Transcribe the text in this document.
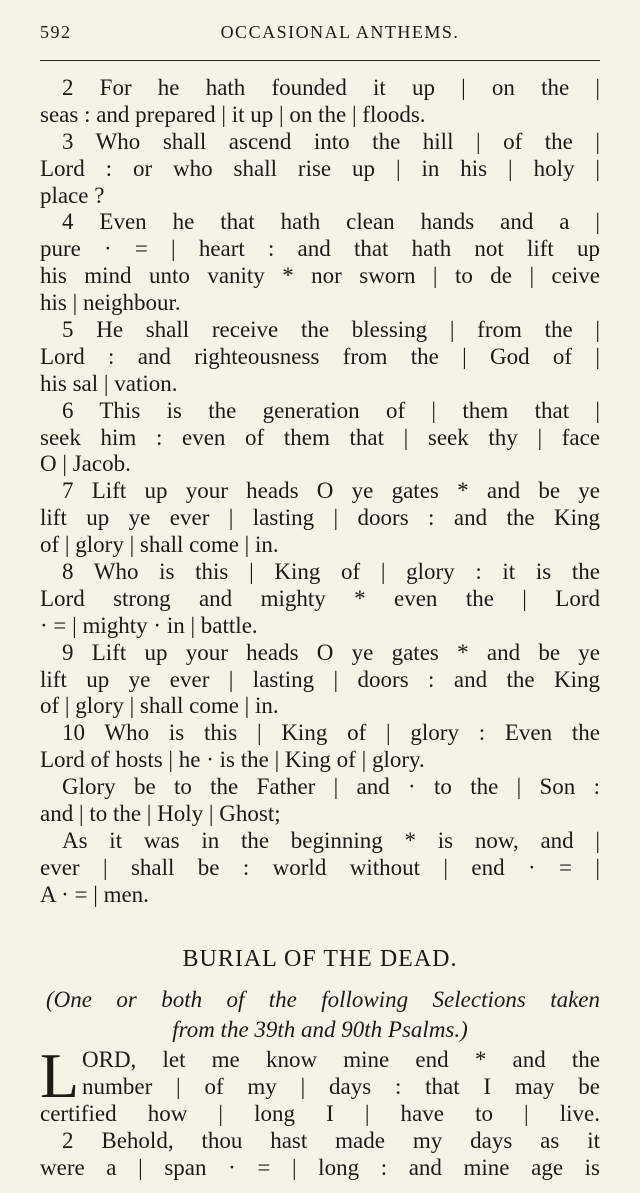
592	OCCASIONAL ANTHEMS.
2 For he hath founded it up | on the |
seas : and prepared | it up | on the | floods.
3 Who shall ascend into the hill | of the |
Lord : or who shall rise up | in his | holy |
place ?
4 Even he that hath clean hands and a |
pure · = | heart : and that hath not lift up
his mind unto vanity * nor sworn | to de | ceive
his | neighbour.
5 He shall receive the blessing | from the |
Lord : and righteousness from the | God of |
his sal | vation.
6 This is the generation of | them that |
seek him : even of them that | seek thy | face
O | Jacob.
7 Lift up your heads O ye gates * and be ye
lift up ye ever | lasting | doors : and the King
of | glory | shall come | in.
8 Who is this | King of | glory : it is the
Lord strong and mighty * even the | Lord
· = | mighty · in | battle.
9 Lift up your heads O ye gates * and be ye
lift up ye ever | lasting | doors : and the King
of | glory | shall come | in.
10 Who is this | King of | glory : Even the
Lord of hosts | he · is the | King of | glory.
Glory be to the Father | and · to the | Son :
and | to the | Holy | Ghost;
As it was in the beginning * is now, and |
ever | shall be : world without | end · = |
A · = | men.
BURIAL OF THE DEAD.
(One or both of the following Selections taken
from the 39th and 90th Psalms.)
L ORD, let me know mine end * and the
number | of my | days : that I may be
certified how | long I | have to | live.
2 Behold, thou hast made my days as it
were a | span · = | long : and mine age is
